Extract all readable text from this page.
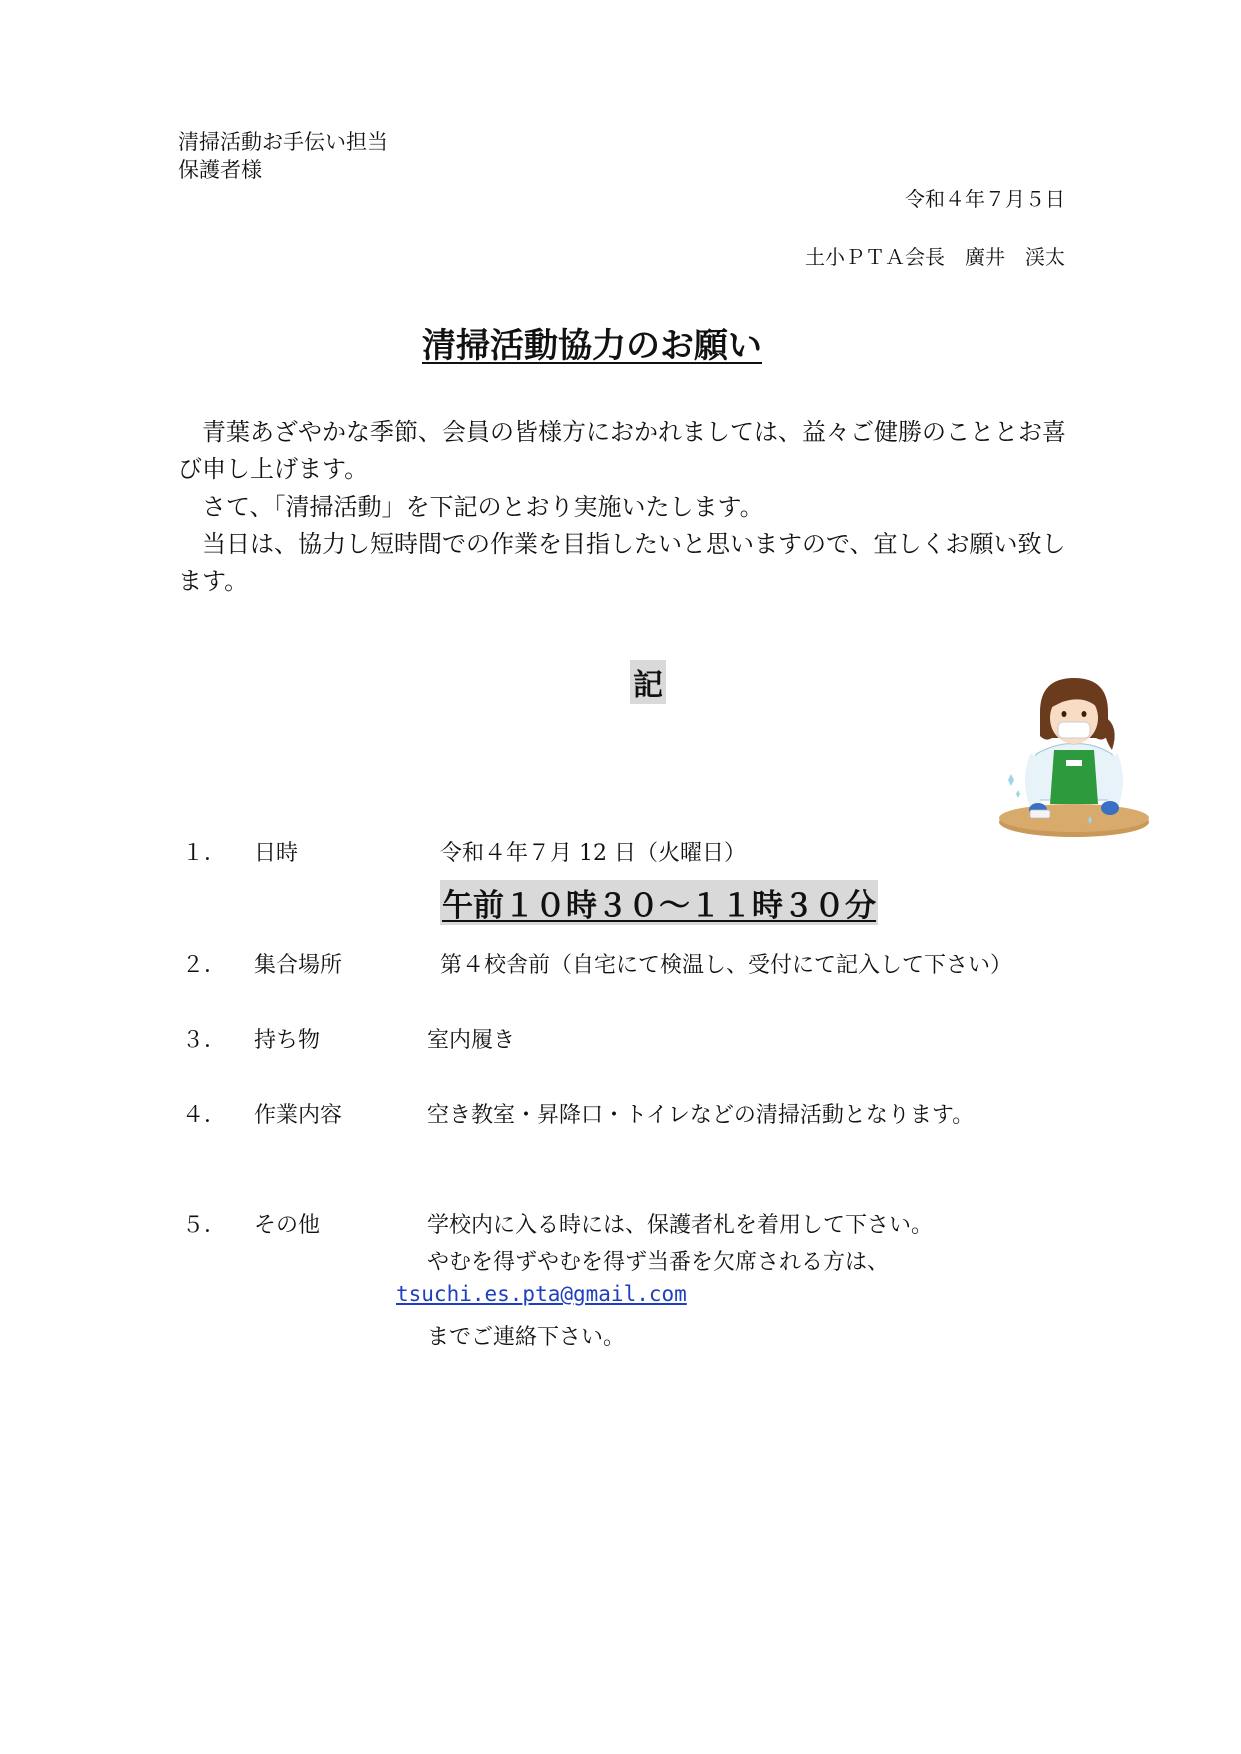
清掃活動お手伝い担当
保護者様
令和４年７月５日
土小ＰＴＡ会長　廣井　渓太
清掃活動協力のお願い
　青葉あざやかな季節、会員の皆様方におかれましては、益々ご健勝のこととお喜び申し上げます。
　さて、「清掃活動」を下記のとおり実施いたします。
　当日は、協力し短時間での作業を目指したいと思いますので、宜しくお願い致します。
記
１． 日時	令和４年７月 12 日（火曜日）
午前１０時３０～１１時３０分
２． 集合場所	第４校舎前（自宅にて検温し、受付にて記入して下さい）
３． 持ち物	室内履き
４． 作業内容	空き教室・昇降口・トイレなどの清掃活動となります。
５． その他	学校内に入る時には、保護者札を着用して下さい。
やむを得ずやむを得ず当番を欠席される方は、
tsuchi.es.pta@gmail.com
までご連絡下さい。
